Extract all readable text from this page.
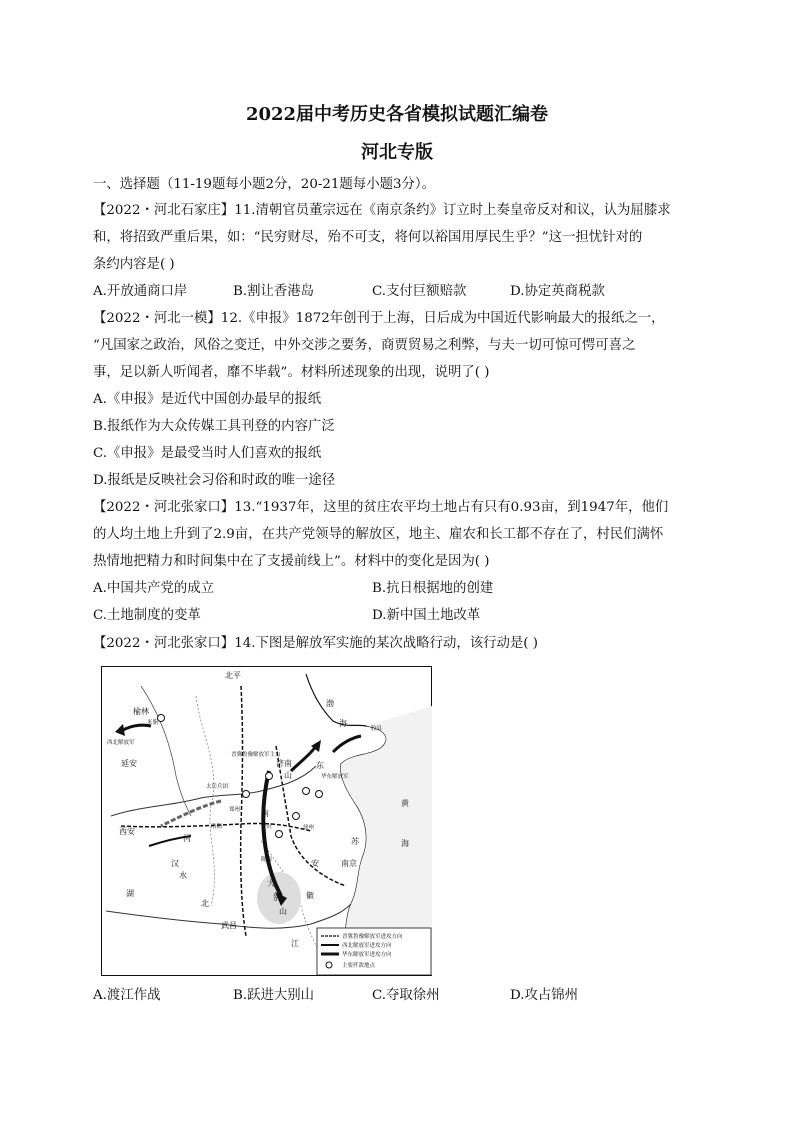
2022届中考历史各省模拟试题汇编卷
河北专版
一、选择题（11-19题每小题2分，20-21题每小题3分）。
【2022・河北石家庄】11.清朝官员董宗远在《南京条约》订立时上奏皇帝反对和议，认为屈膝求
和，将招致严重后果，如：“民穷财尽，殆不可支，将何以裕国用厚民生乎？”这一担忧针对的
条约内容是( )
A.开放通商口岸	B.割让香港岛	C.支付巨额赔款	D.协定英商税款
【2022・河北一模】12.《申报》1872年创刊于上海，日后成为中国近代影响最大的报纸之一，
“凡国家之政治，风俗之变迁，中外交涉之要务，商贾贸易之利弊，与夫一切可惊可愕可喜之
事，足以新人听闻者，靡不毕载”。材料所述现象的出现，说明了( )
A.《申报》是近代中国创办最早的报纸
B.报纸作为大众传媒工具刊登的内容广泛
C.《申报》是最受当时人们喜欢的报纸
D.报纸是反映社会习俗和时政的唯一途径
【2022・河北张家口】13.“1937年，这里的贫庄农平均土地占有只有0.93亩，到1947年，他们
的人均土地上升到了2.9亩，在共产党领导的解放区，地主、雇农和长工都不存在了，村民们满怀
热情地把精力和时间集中在了支援前线上”。材料中的变化是因为( )
A.中国共产党的成立	B.抗日根据地的创建
C.土地制度的变革	D.新中国土地改革
【2022・河北张家口】14.下图是解放军实施的某次战略行动，该行动是( )
北平
榆林
米脂
西北解放军
晋冀鲁豫解放军主力
济南
山
东
华东解放军
胶县
渤
海
黄
海
太岳兵团
延安
西安
河
南
郑州
开封
洛阳	徐州
陇海	安
徽
大
别
山
南京
湖
北
武昌
江
苏
汉
水
晋冀鲁豫解放军进攻方向
西北解放军进攻方向
华东解放军进攻方向
主要歼敌地点
A.渡江作战	B.跃进大别山	C.夺取徐州	D.攻占锦州
